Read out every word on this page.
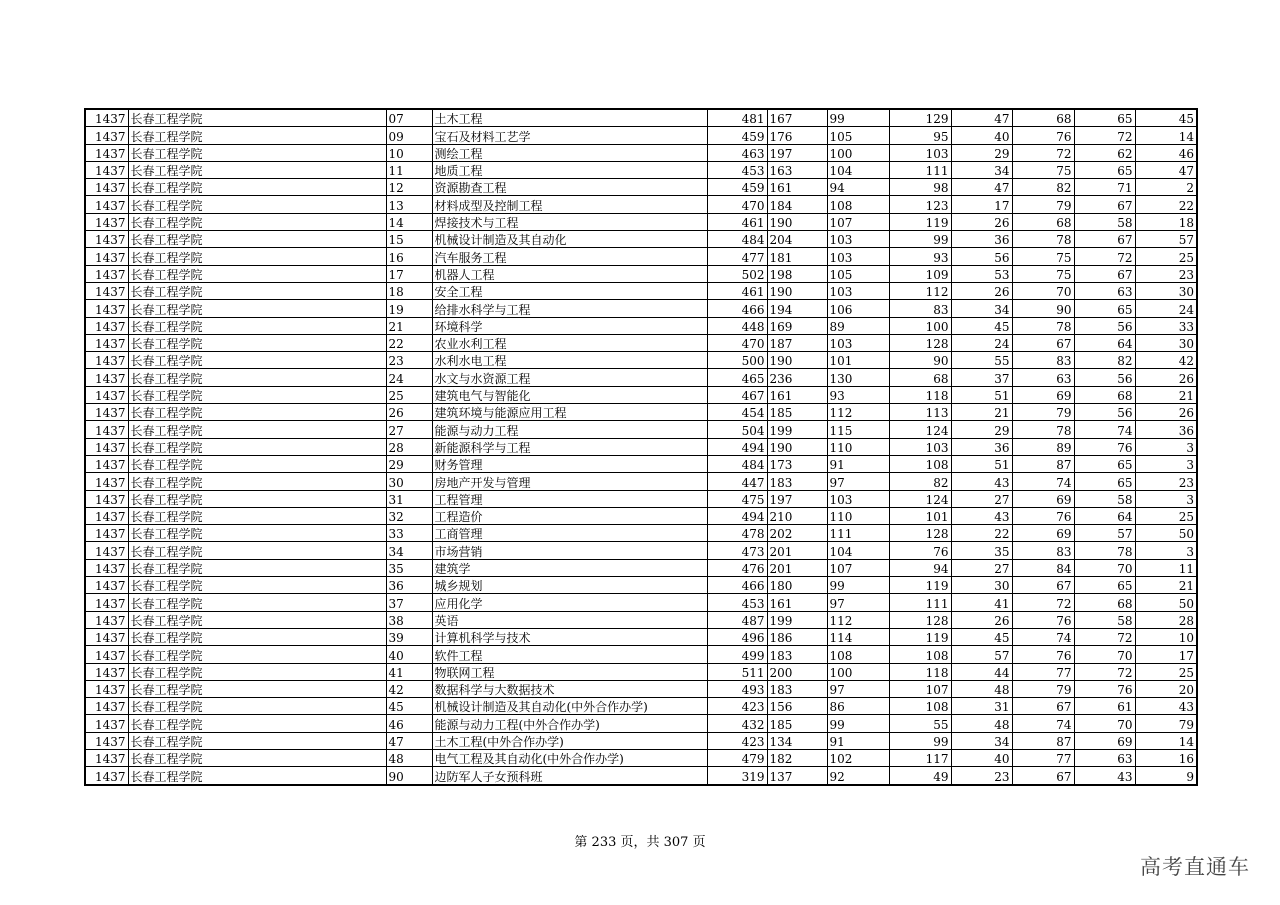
1437	长春工程学院	07	土木工程	481	167	99	129	47	68	65	45
1437	长春工程学院	09	宝石及材料工艺学	459	176	105	95	40	76	72	14
1437	长春工程学院	10	测绘工程	463	197	100	103	29	72	62	46
1437	长春工程学院	11	地质工程	453	163	104	111	34	75	65	47
1437	长春工程学院	12	资源勘查工程	459	161	94	98	47	82	71	2
1437	长春工程学院	13	材料成型及控制工程	470	184	108	123	17	79	67	22
1437	长春工程学院	14	焊接技术与工程	461	190	107	119	26	68	58	18
1437	长春工程学院	15	机械设计制造及其自动化	484	204	103	99	36	78	67	57
1437	长春工程学院	16	汽车服务工程	477	181	103	93	56	75	72	25
1437	长春工程学院	17	机器人工程	502	198	105	109	53	75	67	23
1437	长春工程学院	18	安全工程	461	190	103	112	26	70	63	30
1437	长春工程学院	19	给排水科学与工程	466	194	106	83	34	90	65	24
1437	长春工程学院	21	环境科学	448	169	89	100	45	78	56	33
1437	长春工程学院	22	农业水利工程	470	187	103	128	24	67	64	30
1437	长春工程学院	23	水利水电工程	500	190	101	90	55	83	82	42
1437	长春工程学院	24	水文与水资源工程	465	236	130	68	37	63	56	26
1437	长春工程学院	25	建筑电气与智能化	467	161	93	118	51	69	68	21
1437	长春工程学院	26	建筑环境与能源应用工程	454	185	112	113	21	79	56	26
1437	长春工程学院	27	能源与动力工程	504	199	115	124	29	78	74	36
1437	长春工程学院	28	新能源科学与工程	494	190	110	103	36	89	76	3
1437	长春工程学院	29	财务管理	484	173	91	108	51	87	65	3
1437	长春工程学院	30	房地产开发与管理	447	183	97	82	43	74	65	23
1437	长春工程学院	31	工程管理	475	197	103	124	27	69	58	3
1437	长春工程学院	32	工程造价	494	210	110	101	43	76	64	25
1437	长春工程学院	33	工商管理	478	202	111	128	22	69	57	50
1437	长春工程学院	34	市场营销	473	201	104	76	35	83	78	3
1437	长春工程学院	35	建筑学	476	201	107	94	27	84	70	11
1437	长春工程学院	36	城乡规划	466	180	99	119	30	67	65	21
1437	长春工程学院	37	应用化学	453	161	97	111	41	72	68	50
1437	长春工程学院	38	英语	487	199	112	128	26	76	58	28
1437	长春工程学院	39	计算机科学与技术	496	186	114	119	45	74	72	10
1437	长春工程学院	40	软件工程	499	183	108	108	57	76	70	17
1437	长春工程学院	41	物联网工程	511	200	100	118	44	77	72	25
1437	长春工程学院	42	数据科学与大数据技术	493	183	97	107	48	79	76	20
1437	长春工程学院	45	机械设计制造及其自动化(中外合作办学)	423	156	86	108	31	67	61	43
1437	长春工程学院	46	能源与动力工程(中外合作办学)	432	185	99	55	48	74	70	79
1437	长春工程学院	47	土木工程(中外合作办学)	423	134	91	99	34	87	69	14
1437	长春工程学院	48	电气工程及其自动化(中外合作办学)	479	182	102	117	40	77	63	16
1437	长春工程学院	90	边防军人子女预科班	319	137	92	49	23	67	43	9
第 233 页，共 307 页
高考直通车
